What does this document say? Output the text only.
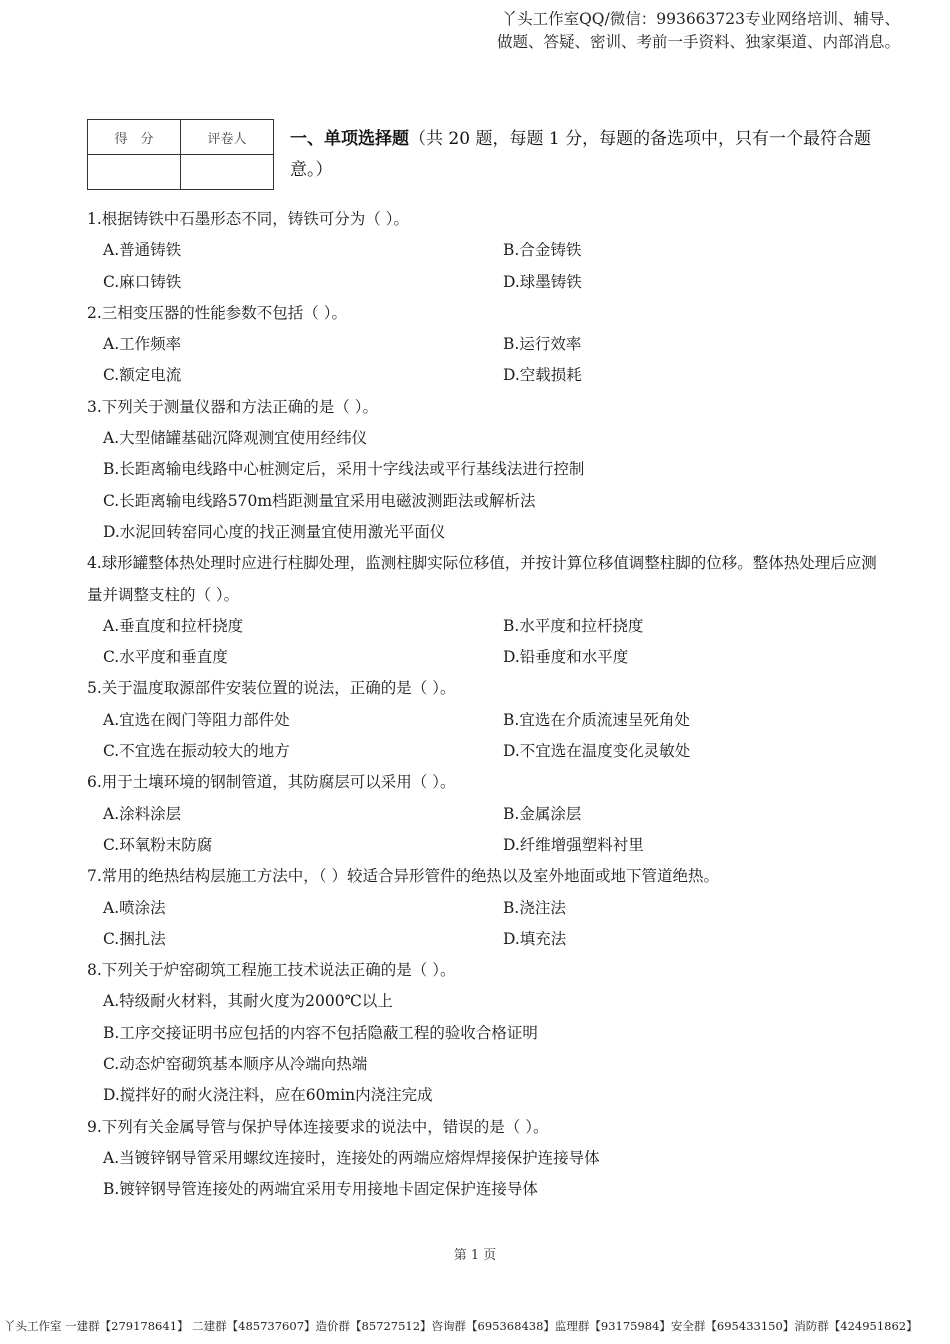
丫头工作室QQ/微信：993663723专业网络培训、辅导、
做题、答疑、密训、考前一手资料、独家渠道、内部消息。
得　分	评卷人
		一、单项选择题（共 20 题，每题 1 分，每题的备选项中，只有一个最符合题意。）

1.根据铸铁中石墨形态不同，铸铁可分为（ ）。

A.普通铸铁	B.合金铸铁
C.麻口铸铁	D.球墨铸铁

2.三相变压器的性能参数不包括（ ）。

A.工作频率	B.运行效率
C.额定电流	D.空载损耗

3.下列关于测量仪器和方法正确的是（ ）。

A.大型储罐基础沉降观测宜使用经纬仪
B.长距离输电线路中心桩测定后，采用十字线法或平行基线法进行控制
C.长距离输电线路570m档距测量宜采用电磁波测距法或解析法
D.水泥回转窑同心度的找正测量宜使用激光平面仪

4.球形罐整体热处理时应进行柱脚处理，监测柱脚实际位移值，并按计算位移值调整柱脚的位移。整体热处理后应测量并调整支柱的（ ）。

A.垂直度和拉杆挠度	B.水平度和拉杆挠度
C.水平度和垂直度	D.铅垂度和水平度

5.关于温度取源部件安装位置的说法，正确的是（ ）。

A.宜选在阀门等阻力部件处	B.宜选在介质流速呈死角处
C.不宜选在振动较大的地方	D.不宜选在温度变化灵敏处

6.用于土壤环境的钢制管道，其防腐层可以采用（ ）。

A.涂料涂层	B.金属涂层
C.环氧粉末防腐	D.纤维增强塑料衬里

7.常用的绝热结构层施工方法中，（ ）较适合异形管件的绝热以及室外地面或地下管道绝热。

A.喷涂法	B.浇注法
C.捆扎法	D.填充法

8.下列关于炉窑砌筑工程施工技术说法正确的是（ ）。

A.特级耐火材料，其耐火度为2000℃以上
B.工序交接证明书应包括的内容不包括隐蔽工程的验收合格证明
C.动态炉窑砌筑基本顺序从冷端向热端
D.搅拌好的耐火浇注料，应在60min内浇注完成

9.下列有关金属导管与保护导体连接要求的说法中，错误的是（ ）。

A.当镀锌钢导管采用螺纹连接时，连接处的两端应熔焊焊接保护连接导体
B.镀锌钢导管连接处的两端宜采用专用接地卡固定保护连接导体
第 1 页
丫头工作室 一建群【279178641】 二建群【485737607】造价群【85727512】咨询群【695368438】监理群【93175984】安全群【695433150】消防群【424951862】
